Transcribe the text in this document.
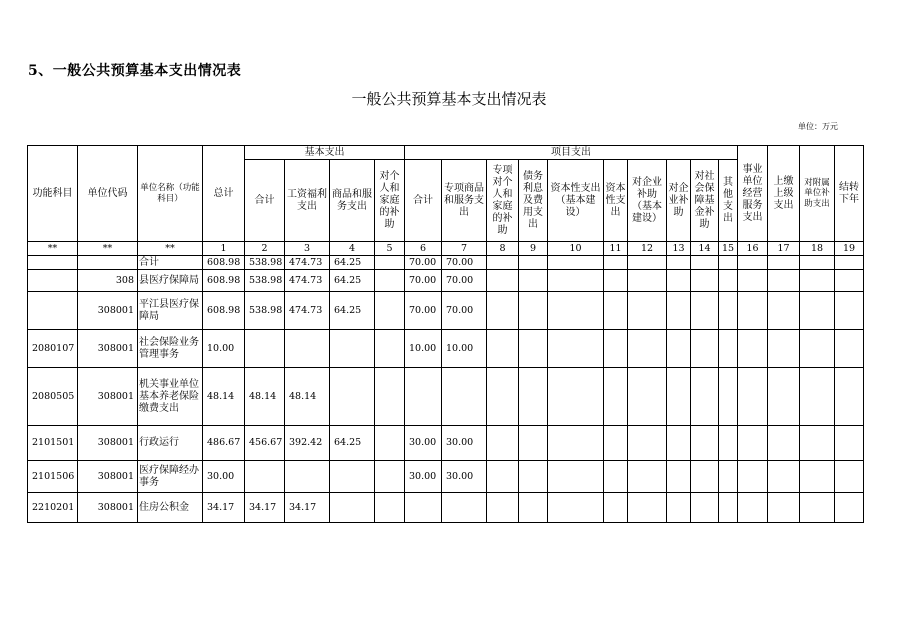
5、一般公共预算基本支出情况表
一般公共预算基本支出情况表
单位：万元
功能科目	单位代码	单位名称（功能科目）	总计	基本支出				项目支出										事业单位经营服务支出	上缴上级支出	对附属单位补助支出	结转下年
				合计	工资福利支出	商品和服务支出	对个人和家庭的补助	合计	专项商品和服务支出	专项对个人和家庭的补助	债务利息及费用支出	资本性支出（基本建设）	资本性支出	对企业补助（基本建设）	对企业补助	对社会保障基金补助	其他支出				
**	**	**	1	2	3	4	5	6	7	8	9	10	11	12	13	14	15	16	17	18	19
		合计	608.98	538.98	474.73	64.25		70.00	70.00												
	308	县医疗保障局	608.98	538.98	474.73	64.25		70.00	70.00												
	308001	平江县医疗保障局	608.98	538.98	474.73	64.25		70.00	70.00												
2080107	308001	社会保险业务管理事务	10.00					10.00	10.00												
2080505	308001	机关事业单位基本养老保险缴费支出	48.14	48.14	48.14																
2101501	308001	行政运行	486.67	456.67	392.42	64.25		30.00	30.00												
2101506	308001	医疗保障经办事务	30.00					30.00	30.00												
2210201	308001	住房公积金	34.17	34.17	34.17																
